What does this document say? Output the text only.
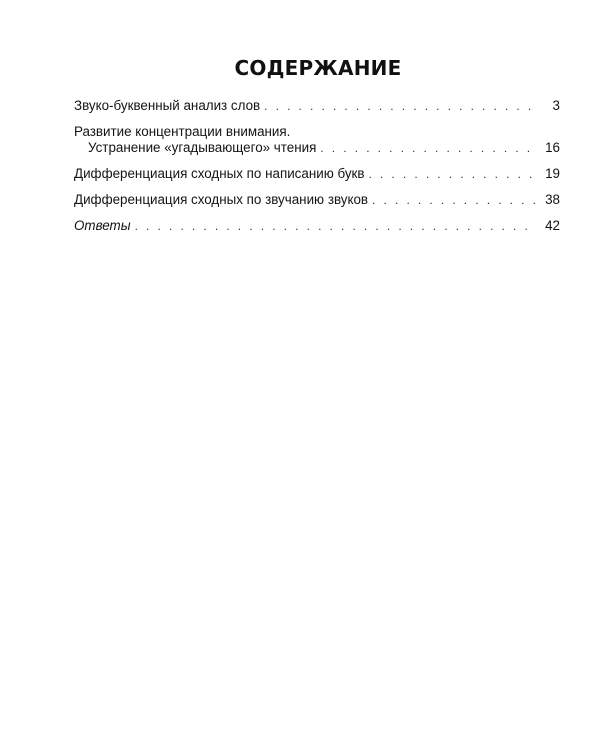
СОДЕРЖАНИЕ
Звуко-буквенный анализ слов . . .	3
Развитие концентрации внимания.
Устранение «угадывающего» чтения . . .	16
Дифференциация сходных по написанию букв . . .	19
Дифференциация сходных по звучанию звуков . . .	38
Ответы . . .	42
